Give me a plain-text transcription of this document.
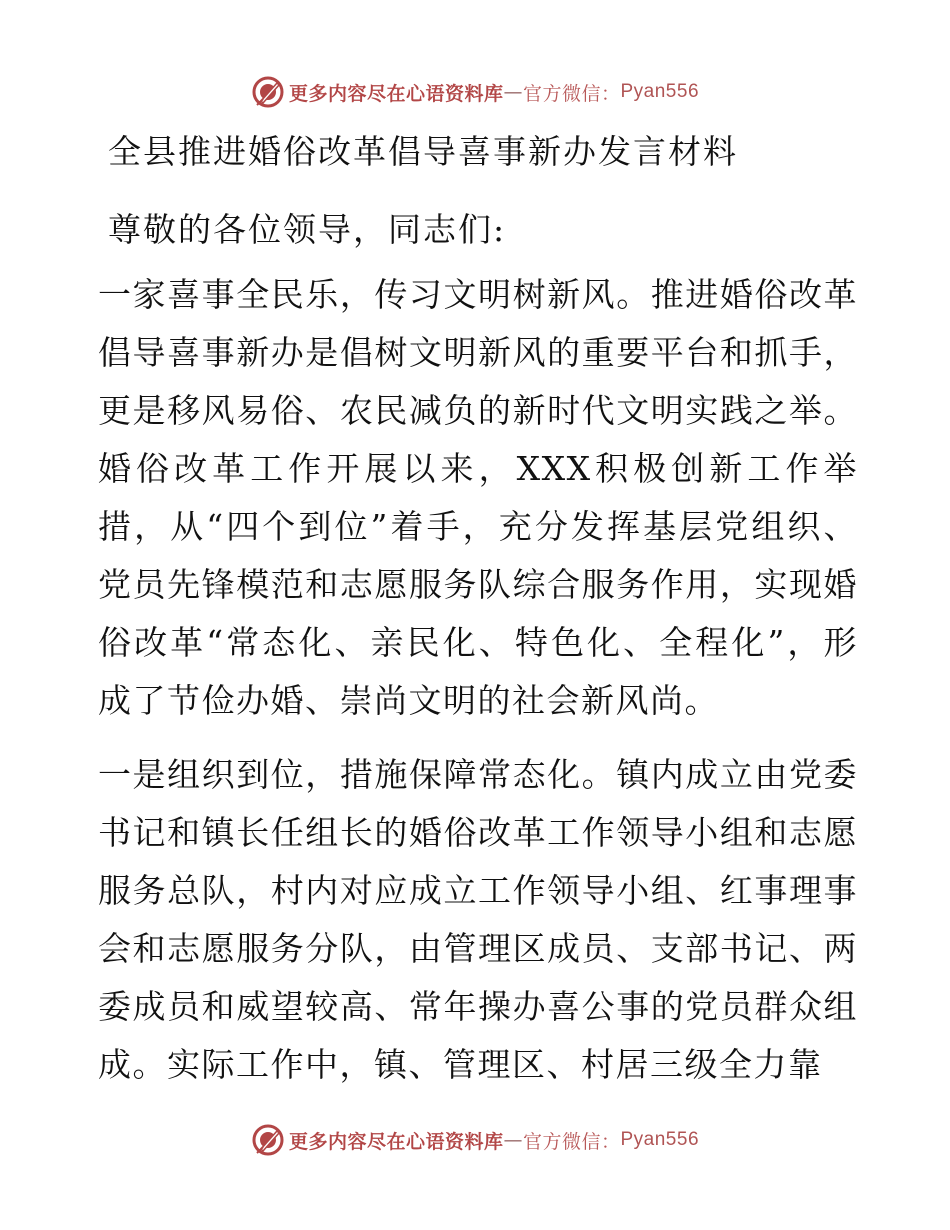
更多内容尽在心语资料库 — 官方微信： Pyan556
全县推进婚俗改革倡导喜事新办发言材料

尊敬的各位领导，同志们:

一家喜事全民乐，传习文明树新风。推进婚俗改革倡导喜事新办是倡树文明新风的重要平台和抓手，更是移风易俗、农民减负的新时代文明实践之举。婚俗改革工作开展以来，XXX积极创新工作举措，从“四个到位”着手，充分发挥基层党组织、党员先锋模范和志愿服务队综合服务作用，实现婚俗改革“常态化、亲民化、特色化、全程化”，形成了节俭办婚、崇尚文明的社会新风尚。

一是组织到位，措施保障常态化。镇内成立由党委书记和镇长任组长的婚俗改革工作领导小组和志愿服务总队，村内对应成立工作领导小组、红事理事会和志愿服务分队，由管理区成员、支部书记、两委成员和威望较高、常年操办喜公事的党员群众组成。实际工作中，镇、管理区、村居三级全力靠

更多内容尽在心语资料库 — 官方微信： Pyan556
